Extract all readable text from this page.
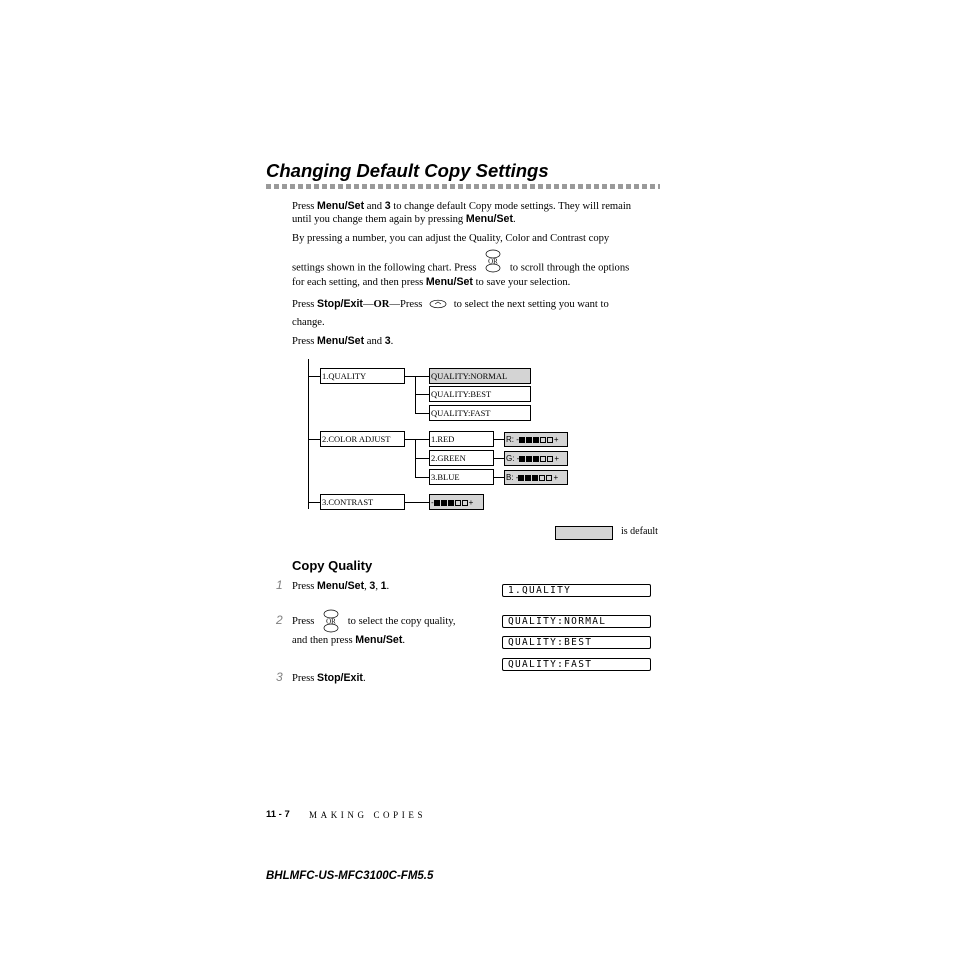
Changing Default Copy Settings
Press Menu/Set and 3 to change default Copy mode settings. They will remain
until you change them again by pressing Menu/Set.
By pressing a number, you can adjust the Quality, Color and Contrast copy
settings shown in the following chart. Press
OR
to scroll through the options
for each setting, and then press Menu/Set to save your selection.
Press Stop/Exit—OR—Press	to select the next setting you want to
change.
Press Menu/Set and 3.
1.QUALITY
2.COLOR ADJUST
3.CONTRAST
QUALITY:NORMAL
QUALITY:BEST
QUALITY:FAST
1.RED
2.GREEN
3.BLUE
R: -	+
G: -	+
B: -	+
-	+
is default
Copy Quality
1 Press Menu/Set, 3, 1.
2 Press OR to select the copy quality,
and then press Menu/Set.
3 Press Stop/Exit.
1.QUALITY
QUALITY:NORMAL
QUALITY:BEST
QUALITY:FAST
11 - 7 MAKING COPIES
BHLMFC-US-MFC3100C-FM5.5
